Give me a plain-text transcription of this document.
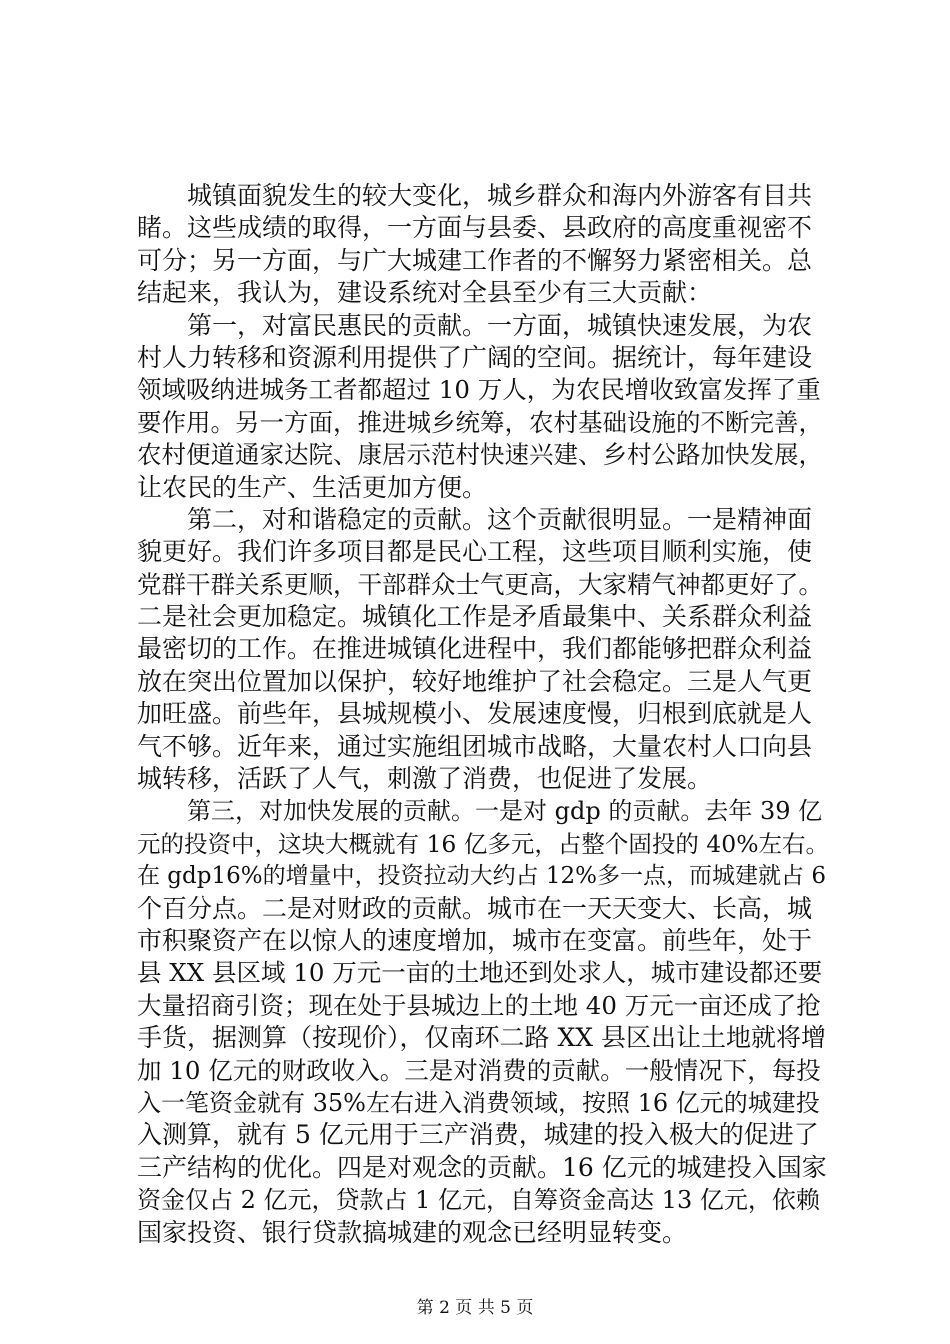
城镇面貌发生的较大变化，城乡群众和海内外游客有目共
睹。这些成绩的取得，一方面与县委、县政府的高度重视密不
可分；另一方面，与广大城建工作者的不懈努力紧密相关。总
结起来，我认为，建设系统对全县至少有三大贡献：
第一，对富民惠民的贡献。一方面，城镇快速发展，为农
村人力转移和资源利用提供了广阔的空间。据统计，每年建设
领域吸纳进城务工者都超过 10 万人，为农民增收致富发挥了重
要作用。另一方面，推进城乡统筹，农村基础设施的不断完善，
农村便道通家达院、康居示范村快速兴建、乡村公路加快发展，
让农民的生产、生活更加方便。
第二，对和谐稳定的贡献。这个贡献很明显。一是精神面
貌更好。我们许多项目都是民心工程，这些项目顺利实施，使
党群干群关系更顺，干部群众士气更高，大家精气神都更好了。
二是社会更加稳定。城镇化工作是矛盾最集中、关系群众利益
最密切的工作。在推进城镇化进程中，我们都能够把群众利益
放在突出位置加以保护，较好地维护了社会稳定。三是人气更
加旺盛。前些年，县城规模小、发展速度慢，归根到底就是人
气不够。近年来，通过实施组团城市战略，大量农村人口向县
城转移，活跃了人气，刺激了消费，也促进了发展。
第三，对加快发展的贡献。一是对 gdp 的贡献。去年 39 亿
元的投资中，这块大概就有 16 亿多元，占整个固投的 40%左右。
在 gdp16%的增量中，投资拉动大约占 12%多一点，而城建就占 6
个百分点。二是对财政的贡献。城市在一天天变大、长高，城
市积聚资产在以惊人的速度增加，城市在变富。前些年，处于
县 XX 县区域 10 万元一亩的土地还到处求人，城市建设都还要
大量招商引资；现在处于县城边上的土地 40 万元一亩还成了抢
手货，据测算（按现价），仅南环二路 XX 县区出让土地就将增
加 10 亿元的财政收入。三是对消费的贡献。一般情况下，每投
入一笔资金就有 35%左右进入消费领域，按照 16 亿元的城建投
入测算，就有 5 亿元用于三产消费，城建的投入极大的促进了
三产结构的优化。四是对观念的贡献。16 亿元的城建投入国家
资金仅占 2 亿元，贷款占 1 亿元，自筹资金高达 13 亿元，依赖
国家投资、银行贷款搞城建的观念已经明显转变。
第 2 页 共 5 页
